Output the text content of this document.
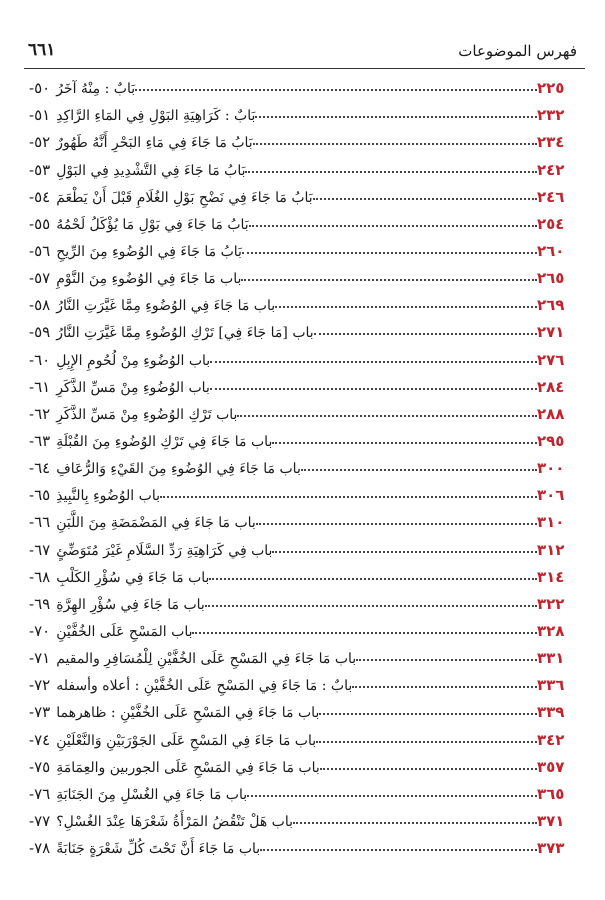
فهرس الموضوعات
٦٦١
٥٠- بَابٌ : مِنْهُ آخَرُ	٢٢٥
٥١- بَابٌ : كَرَاهِيَةِ البَوْلِ فِي المَاءِ الرَّاكِدِ	٢٣٢
٥٢- بَابُ مَا جَاءَ فِي مَاءِ البَحْرِ أَنَّهُ طَهُورٌ	٢٣٤
٥٣- بَابُ مَا جَاءَ فِي التَّشْدِيدِ فِي البَوْلِ	٢٤٢
٥٤- بَابُ مَا جَاءَ فِي نَضْحِ بَوْلِ الغُلَامِ قَبْلَ أَنْ يَطْعَمَ	٢٤٦
٥٥- بَابُ مَا جَاءَ فِي بَوْلِ مَا يُؤْكَلُ لَحْمُهُ	٢٥٤
٥٦- بَابُ مَا جَاءَ فِي الوُضُوءِ مِنَ الرِّيحِ	٢٦٠
٥٧- باب مَا جَاءَ فِي الوُضُوءِ مِنَ النَّوْمِ	٢٦٥
٥٨- باب مَا جَاءَ فِي الوُضُوءِ مِمَّا غَيَّرَتِ النَّارُ	٢٦٩
٥٩- باب [مَا جَاءَ فِي] تَرْكِ الوُضُوءِ مِمَّا غَيَّرَتِ النَّارُ	٢٧١
٦٠- باب الوُضُوءِ مِنْ لُحُومِ الإِبِلِ	٢٧٦
٦١- باب الوُضُوءِ مِنْ مَسِّ الذَّكَرِ	٢٨٤
٦٢- باب تَرْكِ الوُضُوءِ مِنْ مَسِّ الذَّكَرِ	٢٨٨
٦٣- باب مَا جَاءَ فِي تَرْكِ الوُضُوءِ مِنَ القُبْلَةِ	٢٩٥
٦٤- باب مَا جَاءَ فِي الوُضُوءِ مِنَ القَيْءِ وَالرُّعَافِ	٣٠٠
٦٥- باب الوُضُوءِ بِالنَّبِيذِ	٣٠٦
٦٦- باب مَا جَاءَ فِي المَضْمَضَةِ مِنَ اللَّبَنِ	٣١٠
٦٧- باب فِي كَرَاهِيَةِ رَدِّ السَّلَامِ غَيْرَ مُتَوَضِّئٍ	٣١٢
٦٨- باب مَا جَاءَ فِي سُؤْرِ الكَلْبِ	٣١٤
٦٩- باب مَا جَاءَ فِي سُؤْرِ الهِرَّةِ	٣٢٢
٧٠- باب المَسْحِ عَلَى الخُفَّيْنِ	٣٢٨
٧١- باب مَا جَاءَ فِي المَسْحِ عَلَى الخُفَّيْنِ لِلْمُسَافِرِ والمقيم	٣٣١
٧٢- بابٌ : مَا جَاءَ فِي المَسْحِ عَلَى الخُفَّيْنِ : أعلاه وأسفله	٣٣٦
٧٣- باب مَا جَاءَ فِي المَسْحِ عَلَى الخُفَّيْنِ : ظاهرهما	٣٣٩
٧٤- باب مَا جَاءَ فِي المَسْحِ عَلَى الجَوْرَبَيْنِ وَالنَّعْلَيْنِ	٣٤٢
٧٥- باب مَا جَاءَ فِي المَسْحِ عَلَى الجوربين والعِمَامَةِ	٣٥٧
٧٦- باب مَا جَاءَ فِي الغُسْلِ مِنَ الجَنَابَةِ	٣٦٥
٧٧- باب هَلْ تَنْقُضُ المَرْأَةُ شَعْرَهَا عِنْدَ الغُسْلِ؟	٣٧١
٧٨- باب مَا جَاءَ أَنَّ تَحْتَ كُلِّ شَعْرَةٍ جَنَابَةً	٣٧٣
